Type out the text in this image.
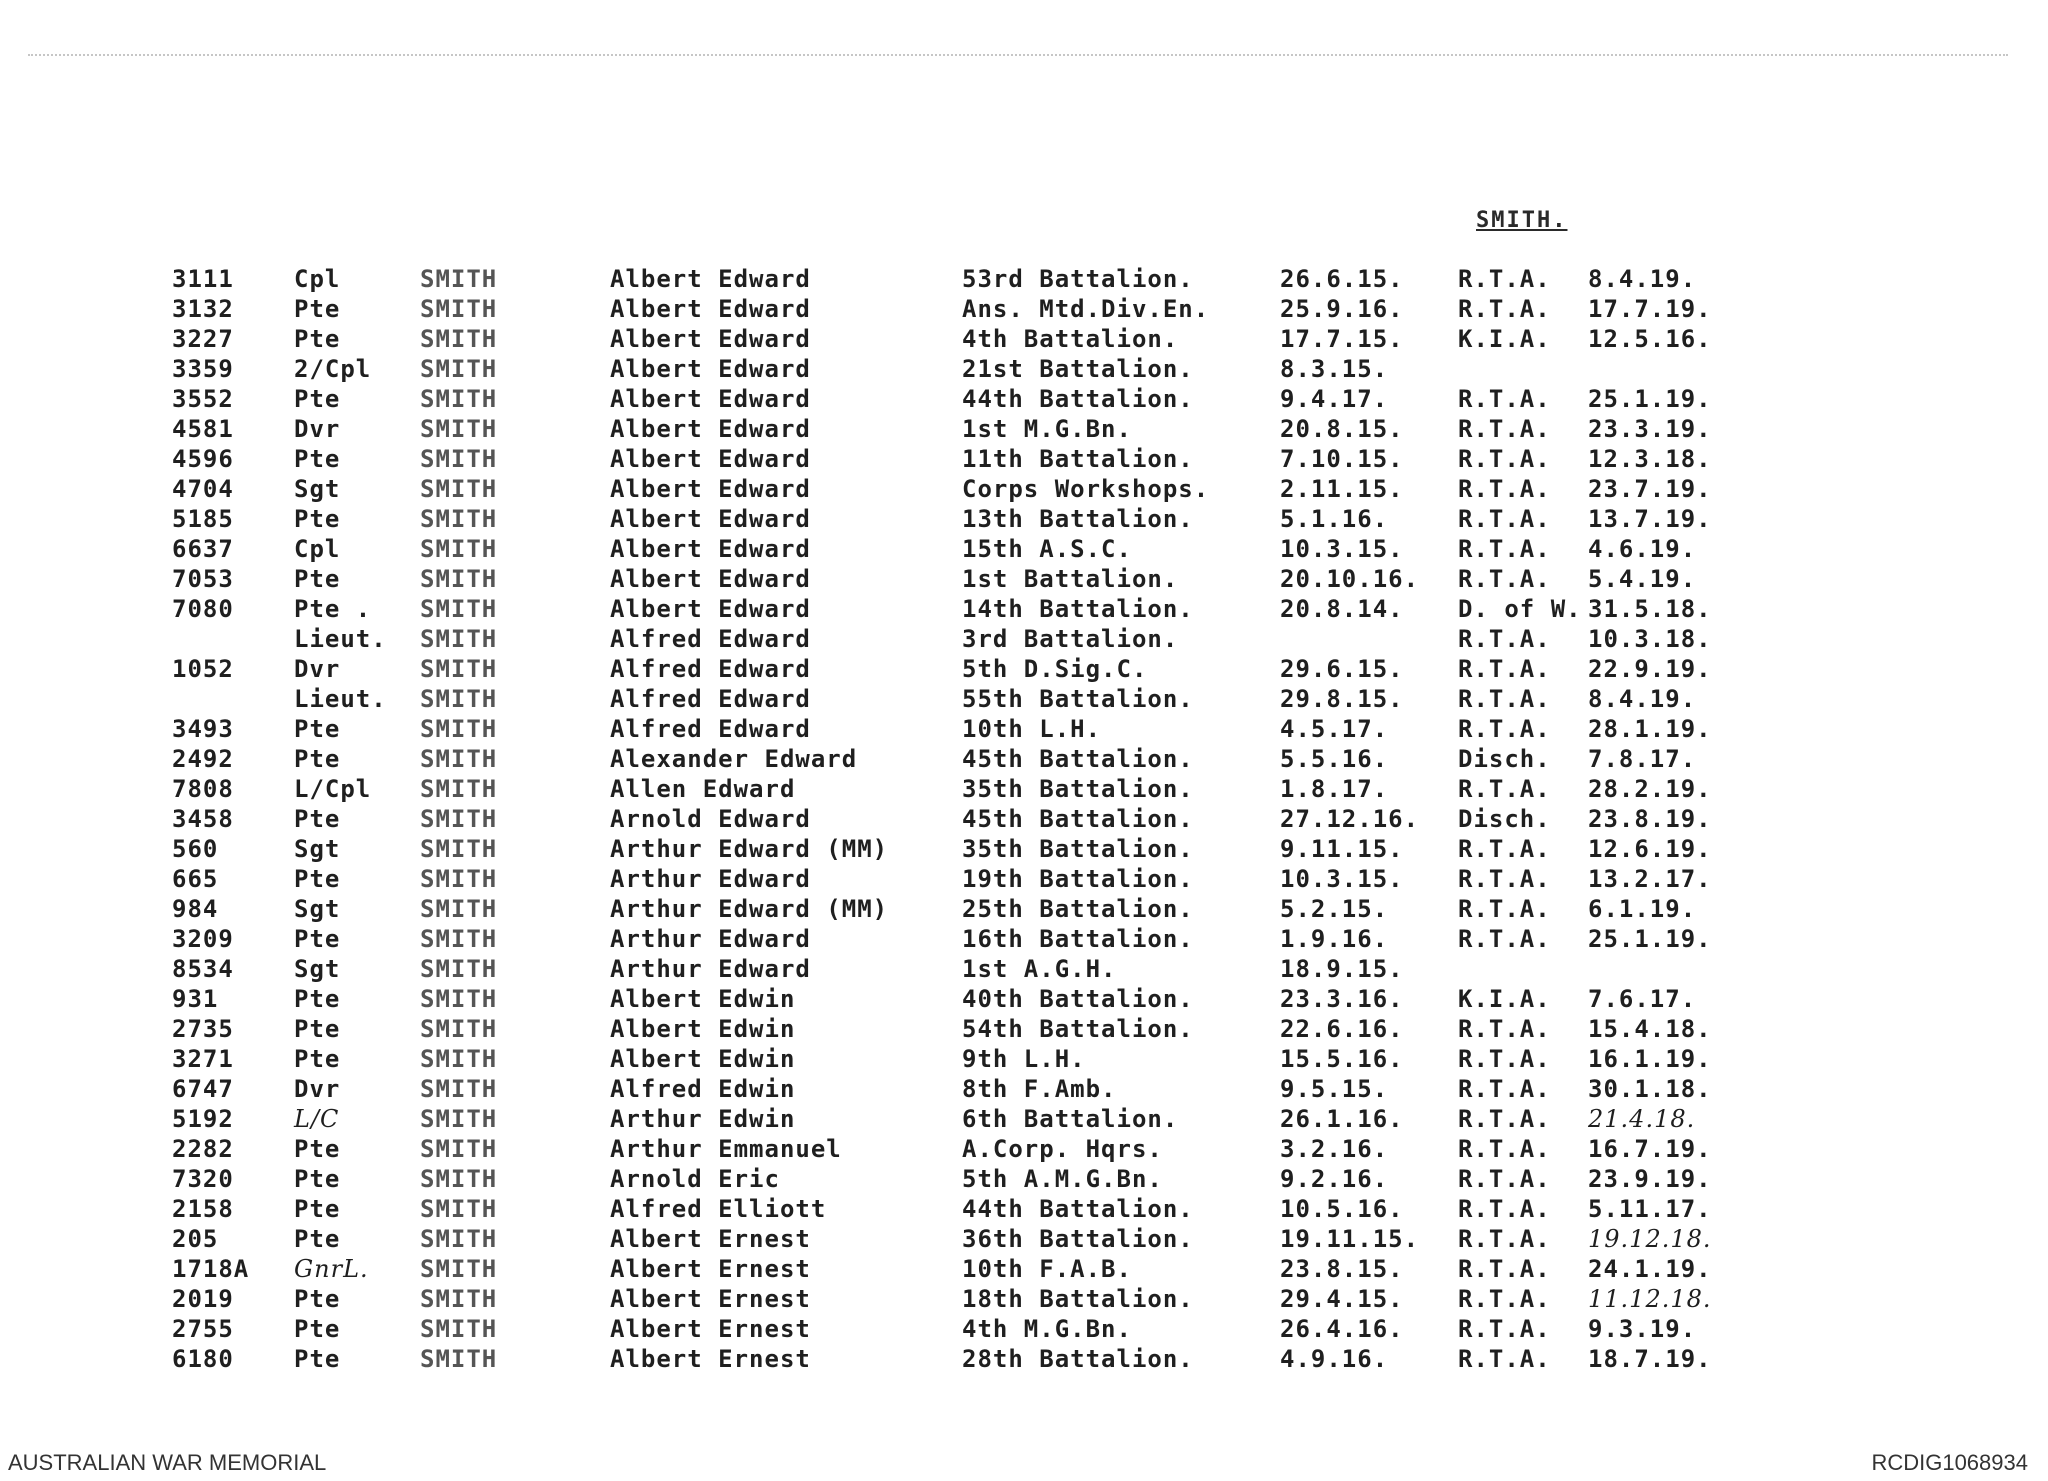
SMITH.
3111	Cpl	SMITH	Albert Edward	53rd Battalion.	26.6.15. R.T.A. 8.4.19.
3132	Pte	SMITH	Albert Edward	Ans. Mtd.Div.En.	25.9.16. R.T.A. 17.7.19.
3227	Pte	SMITH	Albert Edward	4th Battalion.	17.7.15. K.I.A. 12.5.16.
3359	2/Cpl SMITH	Albert Edward	21st Battalion.	8.3.15.
3552	Pte	SMITH	Albert Edward	44th Battalion.	9.4.17.	R.T.A. 25.1.19.
4581	Dvr	SMITH	Albert Edward	1st M.G.Bn.	20.8.15. R.T.A. 23.3.19.
4596	Pte	SMITH	Albert Edward	11th Battalion.	7.10.15. R.T.A. 12.3.18.
4704	Sgt	SMITH	Albert Edward	Corps Workshops.	2.11.15. R.T.A. 23.7.19.
5185	Pte	SMITH	Albert Edward	13th Battalion.	5.1.16.	R.T.A. 13.7.19.
6637	Cpl	SMITH	Albert Edward	15th A.S.C.	10.3.15. R.T.A. 4.6.19.
7053	Pte	SMITH	Albert Edward	1st Battalion.	20.10.16. R.T.A. 5.4.19.
7080	Pte . SMITH	Albert Edward	14th Battalion.	20.8.14. D. of W. 31.5.18.
Lieut. SMITH	Alfred Edward	3rd Battalion.	R.T.A. 10.3.18.
1052	Dvr	SMITH	Alfred Edward	5th D.Sig.C.	29.6.15. R.T.A. 22.9.19.
Lieut. SMITH	Alfred Edward	55th Battalion.	29.8.15. R.T.A. 8.4.19.
3493	Pte	SMITH	Alfred Edward	10th L.H.	4.5.17.	R.T.A. 28.1.19.
2492	Pte	SMITH	Alexander Edward	45th Battalion.	5.5.16.	Disch. 7.8.17.
7808	L/Cpl SMITH	Allen Edward	35th Battalion.	1.8.17.	R.T.A. 28.2.19.
3458	Pte	SMITH	Arnold Edward	45th Battalion.	27.12.16. Disch. 23.8.19.
560	Sgt	SMITH	Arthur Edward (MM)	35th Battalion.	9.11.15. R.T.A. 12.6.19.
665	Pte	SMITH	Arthur Edward	19th Battalion.	10.3.15. R.T.A. 13.2.17.
984	Sgt	SMITH	Arthur Edward (MM)	25th Battalion.	5.2.15.	R.T.A. 6.1.19.
3209	Pte	SMITH	Arthur Edward	16th Battalion.	1.9.16.	R.T.A. 25.1.19.
8534	Sgt	SMITH	Arthur Edward	1st A.G.H.	18.9.15.
931	Pte	SMITH	Albert Edwin	40th Battalion.	23.3.16. K.I.A. 7.6.17.
2735	Pte	SMITH	Albert Edwin	54th Battalion.	22.6.16. R.T.A. 15.4.18.
3271	Pte	SMITH	Albert Edwin	9th L.H.	15.5.16. R.T.A. 16.1.19.
6747	Dvr	SMITH	Alfred Edwin	8th F.Amb.	9.5.15.	R.T.A. 30.1.18.
5192	L/C	SMITH	Arthur Edwin	6th Battalion.	26.1.16. R.T.A. 21.4.18.
2282	Pte	SMITH	Arthur Emmanuel	A.Corp. Hqrs.	3.2.16.	R.T.A. 16.7.19.
7320	Pte	SMITH	Arnold Eric	5th A.M.G.Bn.	9.2.16.	R.T.A. 23.9.19.
2158	Pte	SMITH	Alfred Elliott	44th Battalion.	10.5.16. R.T.A. 5.11.17.
205	Pte	SMITH	Albert Ernest	36th Battalion.	19.11.15. R.T.A. 19.12.18.
1718A GnrL. SMITH	Albert Ernest	10th F.A.B.	23.8.15. R.T.A. 24.1.19.
2019	Pte	SMITH	Albert Ernest	18th Battalion.	29.4.15. R.T.A. 11.12.18.
2755	Pte	SMITH	Albert Ernest	4th M.G.Bn.	26.4.16. R.T.A. 9.3.19.
6180	Pte	SMITH	Albert Ernest	28th Battalion.	4.9.16.	R.T.A. 18.7.19.
AUSTRALIAN WAR MEMORIAL	RCDIG1068934
